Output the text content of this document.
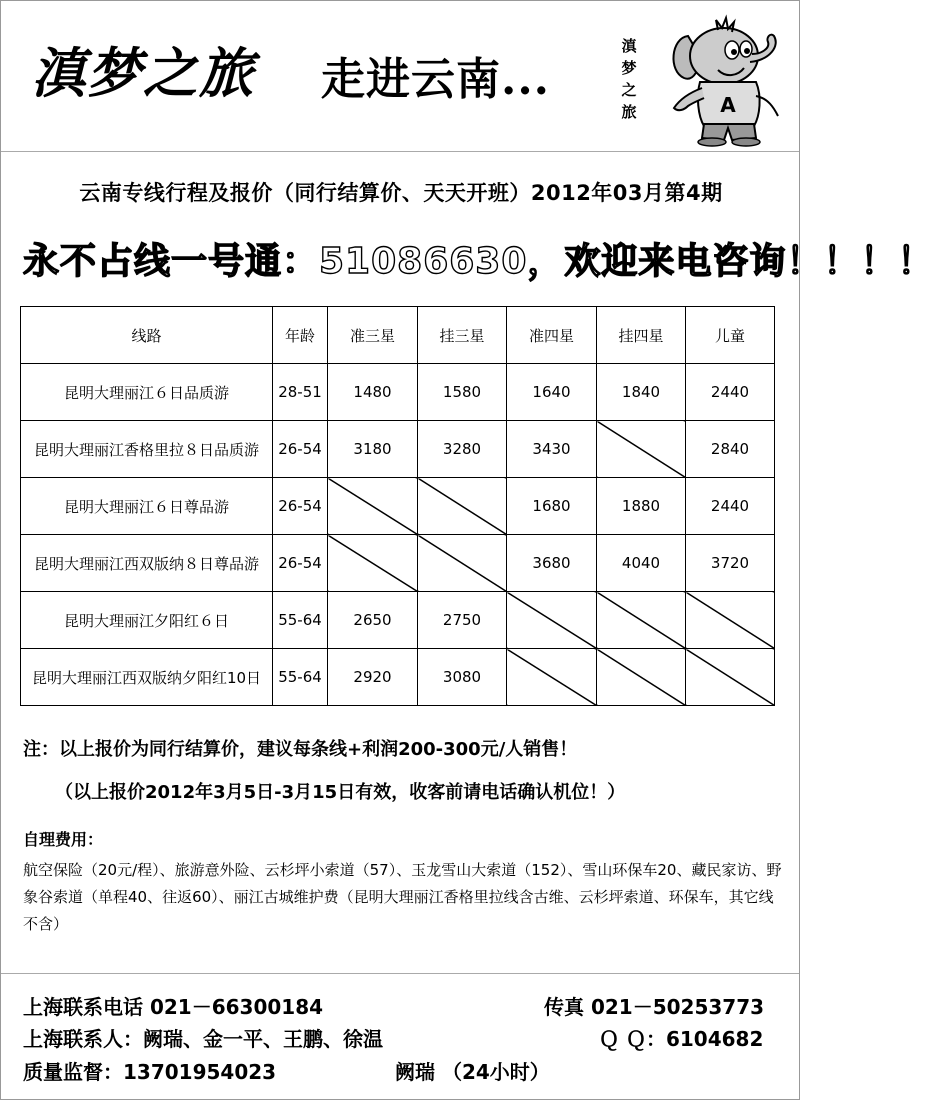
滇梦之旅 走进云南...
滇
梦
之
旅	A
云南专线行程及报价（同行结算价、天天开班）2012年03月第4期
永不占线一号通：51086630，欢迎来电咨询！！！！
线路	年龄	准三星	挂三星	准四星	挂四星	儿童
昆明大理丽江６日品质游	28-51	1480	1580	1640	1840	2440
昆明大理丽江香格里拉８日品质游	26-54	3180	3280	3430		2840
昆明大理丽江６日尊品游	26-54			1680	1880	2440
昆明大理丽江西双版纳８日尊品游	26-54			3680	4040	3720
昆明大理丽江夕阳红６日	55-64	2650	2750			
昆明大理丽江西双版纳夕阳红10日	55-64	2920	3080			
注：以上报价为同行结算价，建议每条线+利润200-300元/人销售！
（以上报价2012年3月5日-3月15日有效，收客前请电话确认机位！）
自理费用：
航空保险（20元/程）、旅游意外险、云杉坪小索道（57）、玉龙雪山大索道（152）、雪山环保车20、藏民家访、野象谷索道（单程40、往返60）、丽江古城维护费（昆明大理丽江香格里拉线含古维、云杉坪索道、环保车，其它线不含）
上海联系电话 021－66300184	传真 021－50253773
上海联系人：阙瑞、金一平、王鹏、徐温	Ｑ Ｑ：6104682
质量监督：13701954023	阙瑞 （24小时）
